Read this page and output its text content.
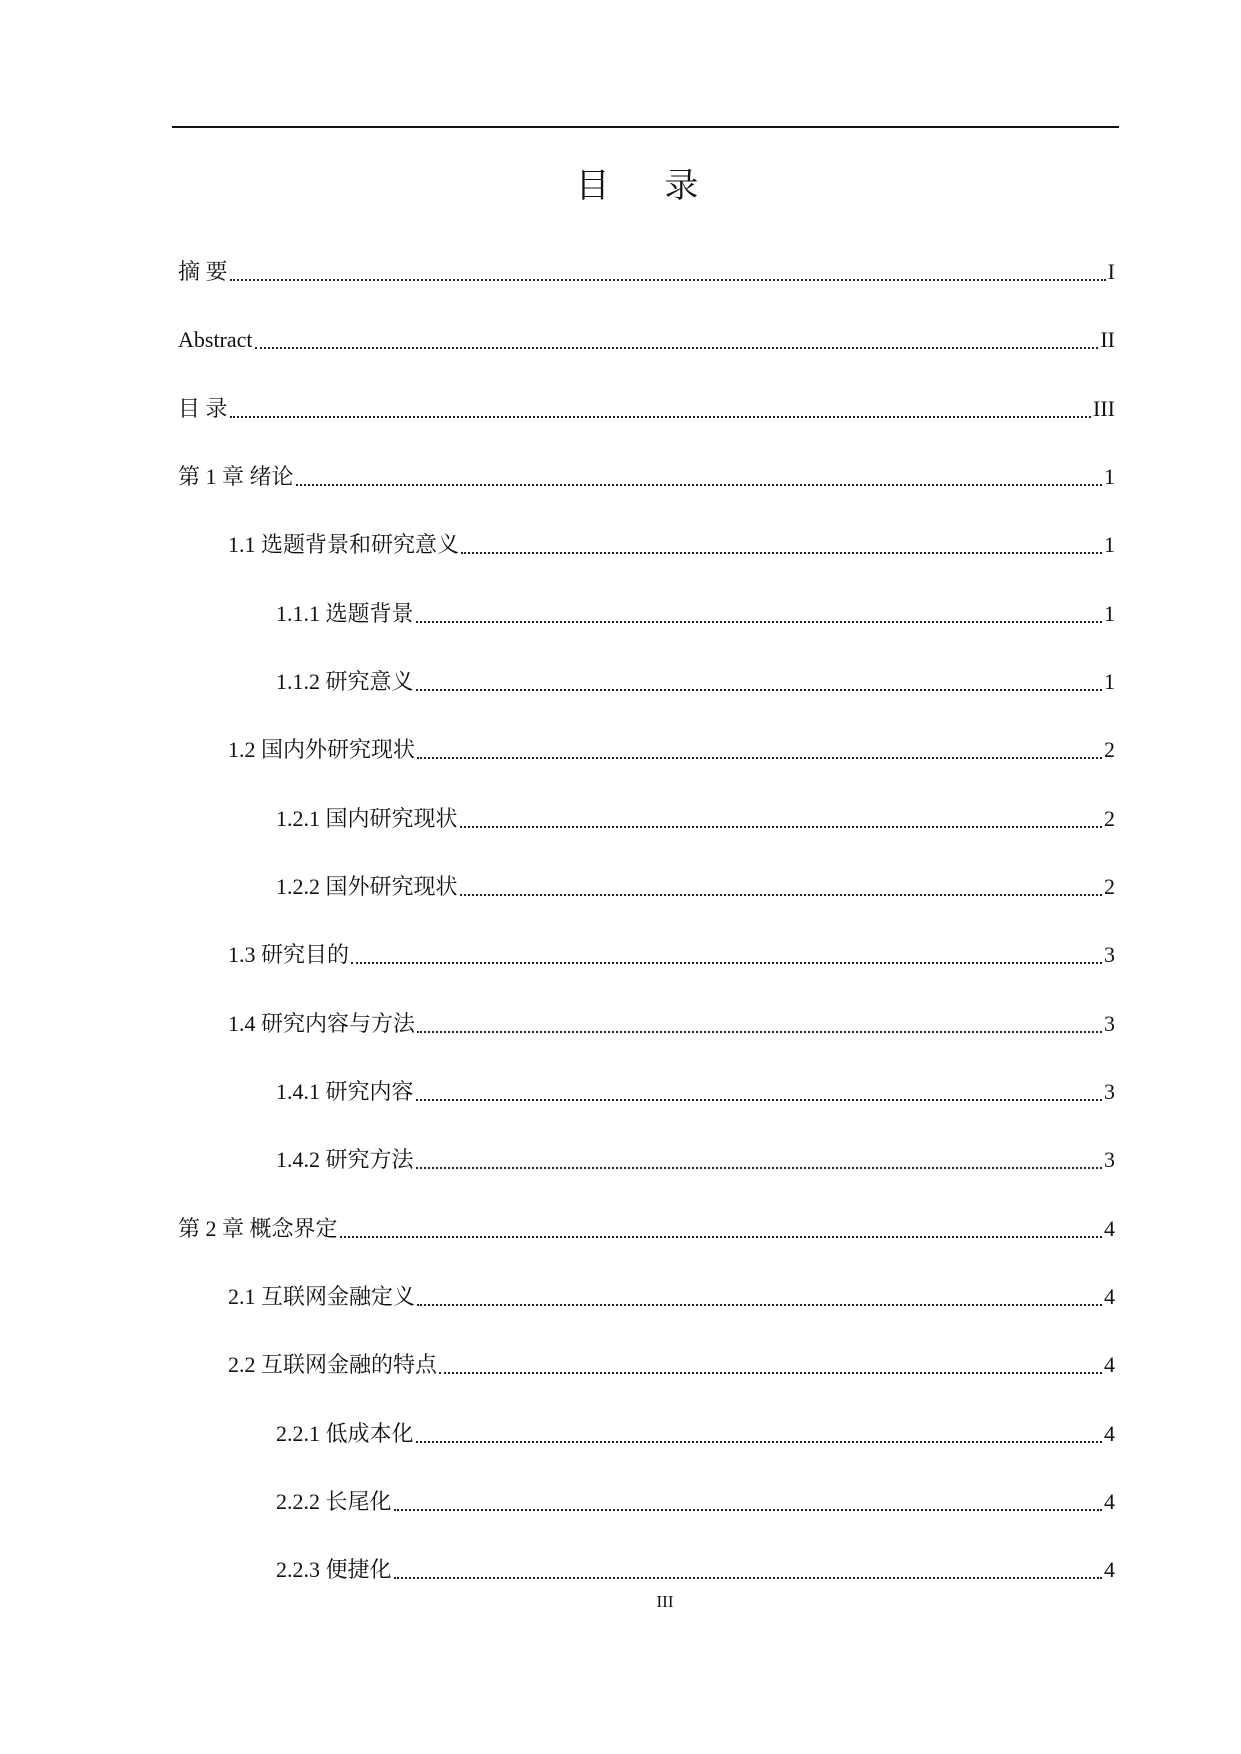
目 录
摘 要	I
Abstract	II
目 录	III
第 1 章 绪论	1
1.1 选题背景和研究意义	1
1.1.1 选题背景	1
1.1.2 研究意义	1
1.2 国内外研究现状	2
1.2.1 国内研究现状	2
1.2.2 国外研究现状	2
1.3 研究目的	3
1.4 研究内容与方法	3
1.4.1 研究内容	3
1.4.2 研究方法	3
第 2 章 概念界定	4
2.1 互联网金融定义	4
2.2 互联网金融的特点	4
2.2.1 低成本化	4
2.2.2 长尾化	4
2.2.3 便捷化	4
III
